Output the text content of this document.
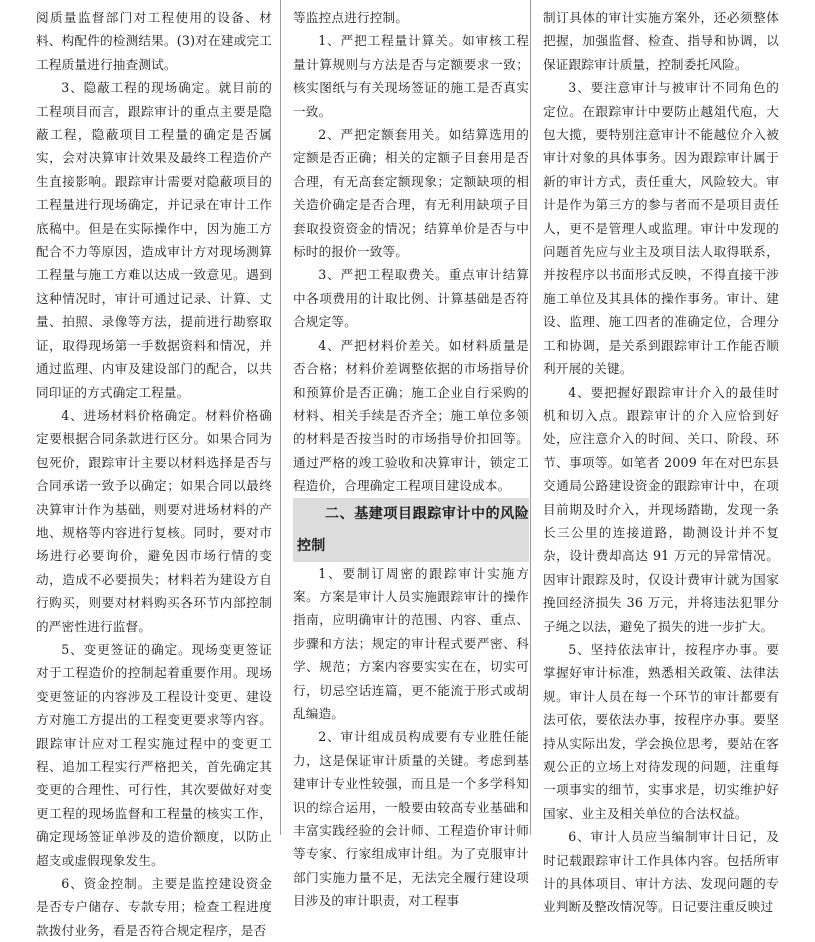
阅质量监督部门对工程使用的设备、材料、构配件的检测结果。(3)对在建或完工工程质量进行抽查测试。

3、隐蔽工程的现场确定。就目前的工程项目而言，跟踪审计的重点主要是隐蔽工程，隐蔽项目工程量的确定是否属实，会对决算审计效果及最终工程造价产生直接影响。跟踪审计需要对隐蔽项目的工程量进行现场确定，并记录在审计工作底稿中。但是在实际操作中，因为施工方配合不力等原因，造成审计方对现场测算工程量与施工方难以达成一致意见。遇到这种情况时，审计可通过记录、计算、丈量、拍照、录像等方法，提前进行勘察取证，取得现场第一手数据资料和情况，并通过监理、内审及建设部门的配合，以共同印证的方式确定工程量。

4、进场材料价格确定。材料价格确定要根据合同条款进行区分。如果合同为包死价，跟踪审计主要以材料选择是否与合同承诺一致予以确定；如果合同以最终决算审计作为基础，则要对进场材料的产地、规格等内容进行复核。同时，要对市场进行必要询价，避免因市场行情的变动，造成不必要损失；材料若为建设方自行购买，则要对材料购买各环节内部控制的严密性进行监督。

5、变更签证的确定。现场变更签证对于工程造价的控制起着重要作用。现场变更签证的内容涉及工程设计变更、建设方对施工方提出的工程变更要求等内容。跟踪审计应对工程实施过程中的变更工程、追加工程实行严格把关，首先确定其变更的合理性、可行性，其次要做好对变更工程的现场监督和工程量的核实工作，确定现场签证单涉及的造价额度，以防止超支或虚假现象发生。

6、资金控制。主要是监控建设资金是否专户储存、专款专用；检查工程进度款拨付业务，看是否符合规定程序，是否

等监控点进行控制。

1、严把工程量计算关。如审核工程量计算规则与方法是否与定额要求一致；核实图纸与有关现场签证的施工是否真实一致。

2、严把定额套用关。如结算选用的定额是否正确；相关的定额子目套用是否合理，有无高套定额现象；定额缺项的相关造价确定是否合理，有无利用缺项子目套取投资资金的情况；结算单价是否与中标时的报价一致等。

3、严把工程取费关。重点审计结算中各项费用的计取比例、计算基础是否符合规定等。

4、严把材料价差关。如材料质量是否合格；材料价差调整依据的市场指导价和预算价是否正确；施工企业自行采购的材料、相关手续是否齐全；施工单位多领的材料是否按当时的市场指导价扣回等。通过严格的竣工验收和决算审计，锁定工程造价，合理确定工程项目建设成本。

二、基建项目跟踪审计中的风险控制

1、要制订周密的跟踪审计实施方案。方案是审计人员实施跟踪审计的操作指南，应明确审计的范围、内容、重点、步骤和方法；规定的审计程式要严密、科学、规范；方案内容要实实在在，切实可行，切忌空话连篇，更不能流于形式或胡乱编造。

2、审计组成员构成要有专业胜任能力，这是保证审计质量的关键。考虑到基建审计专业性较强，而且是一个多学科知识的综合运用，一般要由较高专业基础和丰富实践经验的会计师、工程造价审计师等专家、行家组成审计组。为了克服审计部门实施力量不足，无法完全履行建设项目涉及的审计职责，对工程事

制订具体的审计实施方案外，还必须整体把握，加强监督、检查、指导和协调，以保证跟踪审计质量，控制委托风险。

3、要注意审计与被审计不同角色的定位。在跟踪审计中要防止越俎代庖，大包大揽，要特别注意审计不能越位介入被审计对象的具体事务。因为跟踪审计属于新的审计方式，责任重大，风险较大。审计是作为第三方的参与者而不是项目责任人，更不是管理人或监理。审计中发现的问题首先应与业主及项目法人取得联系，并按程序以书面形式反映，不得直接干涉施工单位及其具体的操作事务。审计、建设、监理、施工四者的准确定位，合理分工和协调，是关系到跟踪审计工作能否顺利开展的关键。

4、要把握好跟踪审计介入的最佳时机和切入点。跟踪审计的介入应恰到好处，应注意介入的时间、关口、阶段、环节、事项等。如笔者 2009 年在对巴东县交通局公路建设资金的跟踪审计中，在项目前期及时介入，并现场踏勘，发现一条长三公里的连接道路，勘测设计并不复杂，设计费却高达 91 万元的异常情况。因审计跟踪及时，仅设计费审计就为国家挽回经济损失 36 万元，并将违法犯罪分子绳之以法，避免了损失的进一步扩大。

5、坚持依法审计，按程序办事。要掌握好审计标准，熟悉相关政策、法律法规。审计人员在每一个环节的审计都要有法可依，要依法办事，按程序办事。要坚持从实际出发，学会换位思考，要站在客观公正的立场上对待发现的问题，注重每一项事实的细节，实事求是，切实维护好国家、业主及相关单位的合法权益。

6、审计人员应当编制审计日记，及时记载跟踪审计工作具体内容。包括所审计的具体项目、审计方法、发现问题的专业判断及整改情况等。日记要注重反映过
